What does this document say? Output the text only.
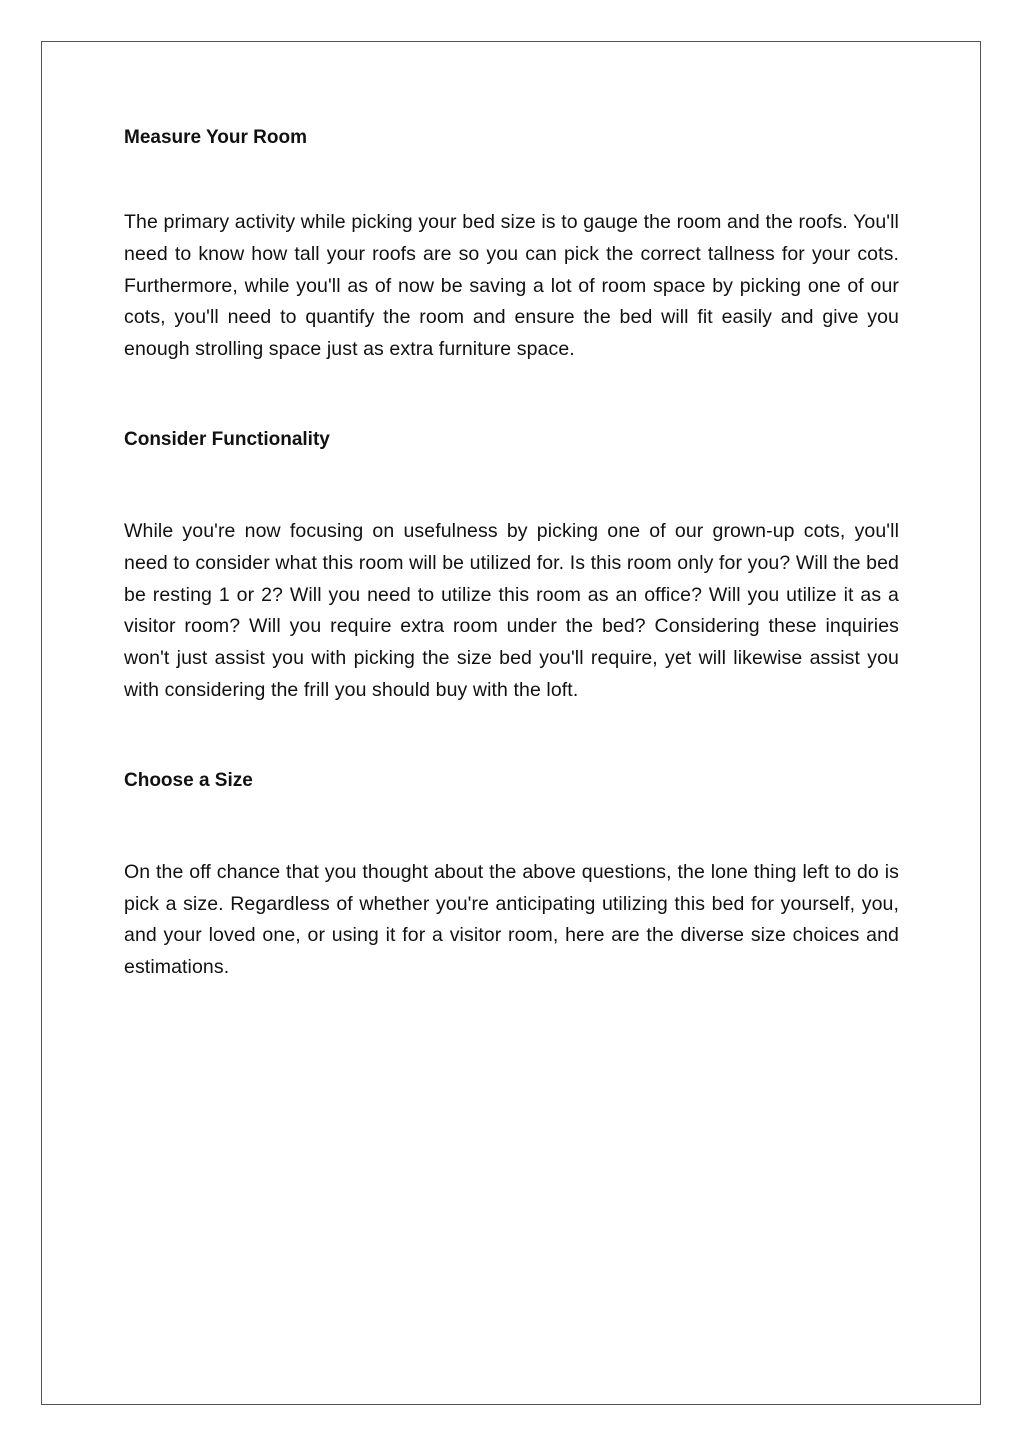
Measure Your Room

The primary activity while picking your bed size is to gauge the room and the roofs. You'll need to know how tall your roofs are so you can pick the correct tallness for your cots. Furthermore, while you'll as of now be saving a lot of room space by picking one of our cots, you'll need to quantify the room and ensure the bed will fit easily and give you enough strolling space just as extra furniture space.

Consider Functionality

While you're now focusing on usefulness by picking one of our grown-up cots, you'll need to consider what this room will be utilized for. Is this room only for you? Will the bed be resting 1 or 2? Will you need to utilize this room as an office? Will you utilize it as a visitor room? Will you require extra room under the bed? Considering these inquiries won't just assist you with picking the size bed you'll require, yet will likewise assist you with considering the frill you should buy with the loft.

Choose a Size

On the off chance that you thought about the above questions, the lone thing left to do is pick a size. Regardless of whether you're anticipating utilizing this bed for yourself, you, and your loved one, or using it for a visitor room, here are the diverse size choices and estimations.
